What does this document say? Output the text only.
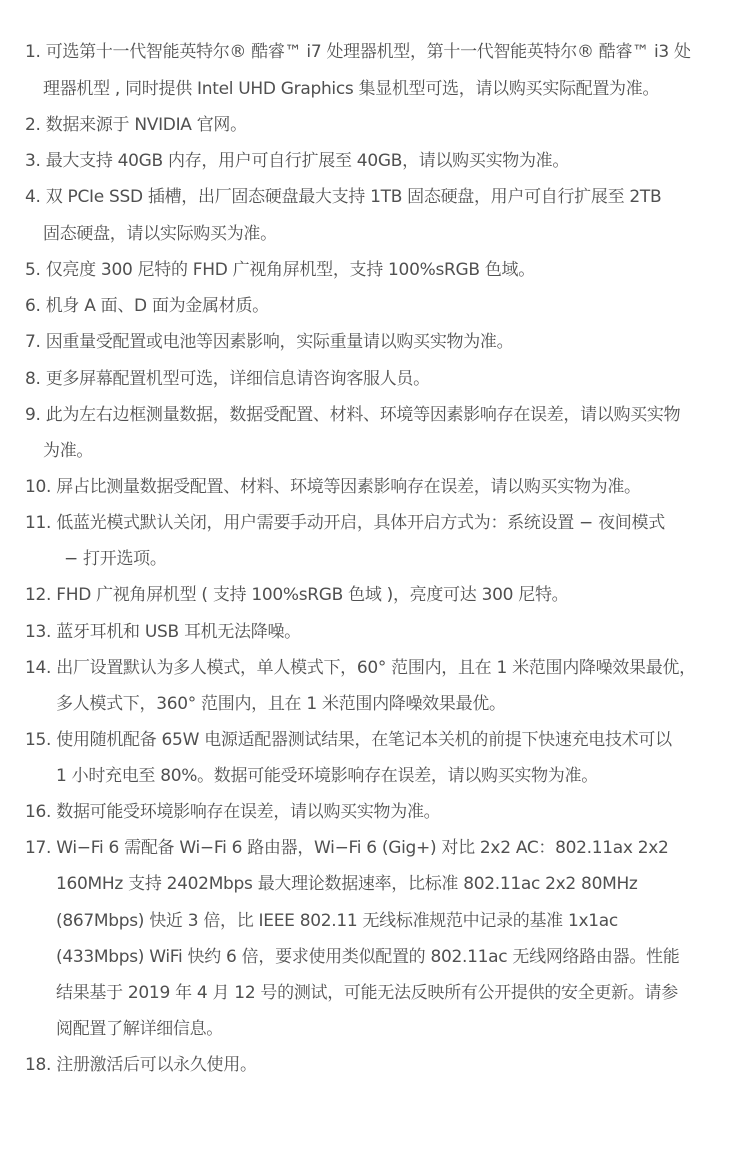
1. 可选第十一代智能英特尔® 酷睿™ i7 处理器机型，第十一代智能英特尔® 酷睿™ i3 处
理器机型 , 同时提供 Intel UHD Graphics 集显机型可选，请以购买实际配置为准。
2. 数据来源于 NVIDIA 官网。
3. 最大支持 40GB 内存，用户可自行扩展至 40GB，请以购买实物为准。
4. 双 PCIe SSD 插槽，出厂固态硬盘最大支持 1TB 固态硬盘，用户可自行扩展至 2TB
固态硬盘，请以实际购买为准。
5. 仅亮度 300 尼特的 FHD 广视角屏机型，支持 100%sRGB 色域。
6. 机身 A 面、D 面为金属材质。
7. 因重量受配置或电池等因素影响，实际重量请以购买实物为准。
8. 更多屏幕配置机型可选，详细信息请咨询客服人员。
9. 此为左右边框测量数据，数据受配置、材料、环境等因素影响存在误差，请以购买实物
为准。
10. 屏占比测量数据受配置、材料、环境等因素影响存在误差，请以购买实物为准。
11. 低蓝光模式默认关闭，用户需要手动开启，具体开启方式为：系统设置 − 夜间模式
− 打开选项。
12. FHD 广视角屏机型 ( 支持 100%sRGB 色域 )，亮度可达 300 尼特。
13. 蓝牙耳机和 USB 耳机无法降噪。
14. 出厂设置默认为多人模式，单人模式下，60° 范围内，且在 1 米范围内降噪效果最优，
多人模式下，360° 范围内，且在 1 米范围内降噪效果最优。
15. 使用随机配备 65W 电源适配器测试结果，在笔记本关机的前提下快速充电技术可以
1 小时充电至 80%。数据可能受环境影响存在误差，请以购买实物为准。
16. 数据可能受环境影响存在误差，请以购买实物为准。
17. Wi−Fi 6 需配备 Wi−Fi 6 路由器，Wi−Fi 6 (Gig+) 对比 2x2 AC：802.11ax 2x2
160MHz 支持 2402Mbps 最大理论数据速率，比标准 802.11ac 2x2 80MHz
(867Mbps) 快近 3 倍，比 IEEE 802.11 无线标准规范中记录的基准 1x1ac
(433Mbps) WiFi 快约 6 倍，要求使用类似配置的 802.11ac 无线网络路由器。性能
结果基于 2019 年 4 月 12 号的测试，可能无法反映所有公开提供的安全更新。请参
阅配置了解详细信息。
18. 注册激活后可以永久使用。
